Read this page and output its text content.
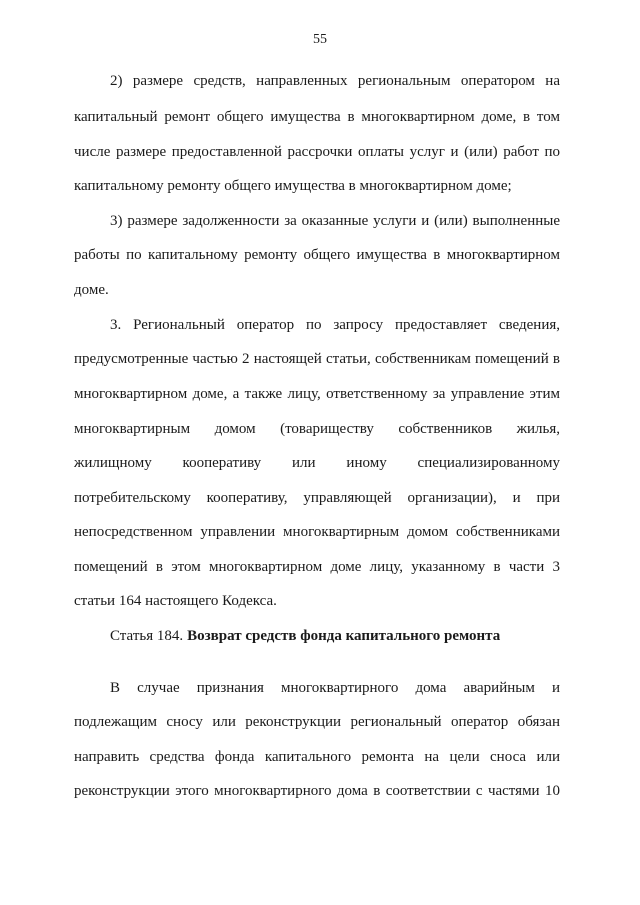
55
2) размере средств, направленных региональным оператором на
капитальный ремонт общего имущества в многоквартирном доме, в том
числе размере предоставленной рассрочки оплаты услуг и (или) работ по
капитальному ремонту общего имущества в многоквартирном доме;
3) размере задолженности за оказанные услуги и (или) выполненные
работы по капитальному ремонту общего имущества в многоквартирном
доме.
3. Региональный оператор по запросу предоставляет сведения,
предусмотренные частью 2 настоящей статьи, собственникам помещений в
многоквартирном доме, а также лицу, ответственному за управление этим
многоквартирным домом (товариществу собственников жилья,
жилищному кооперативу или иному специализированному
потребительскому кооперативу, управляющей организации), и при
непосредственном управлении многоквартирным домом собственниками
помещений в этом многоквартирном доме лицу, указанному в части 3
статьи 164 настоящего Кодекса.
Статья 184. Возврат средств фонда капитального ремонта
В случае признания многоквартирного дома аварийным и
подлежащим сносу или реконструкции региональный оператор обязан
направить средства фонда капитального ремонта на цели сноса или
реконструкции этого многоквартирного дома в соответствии с частями 10
